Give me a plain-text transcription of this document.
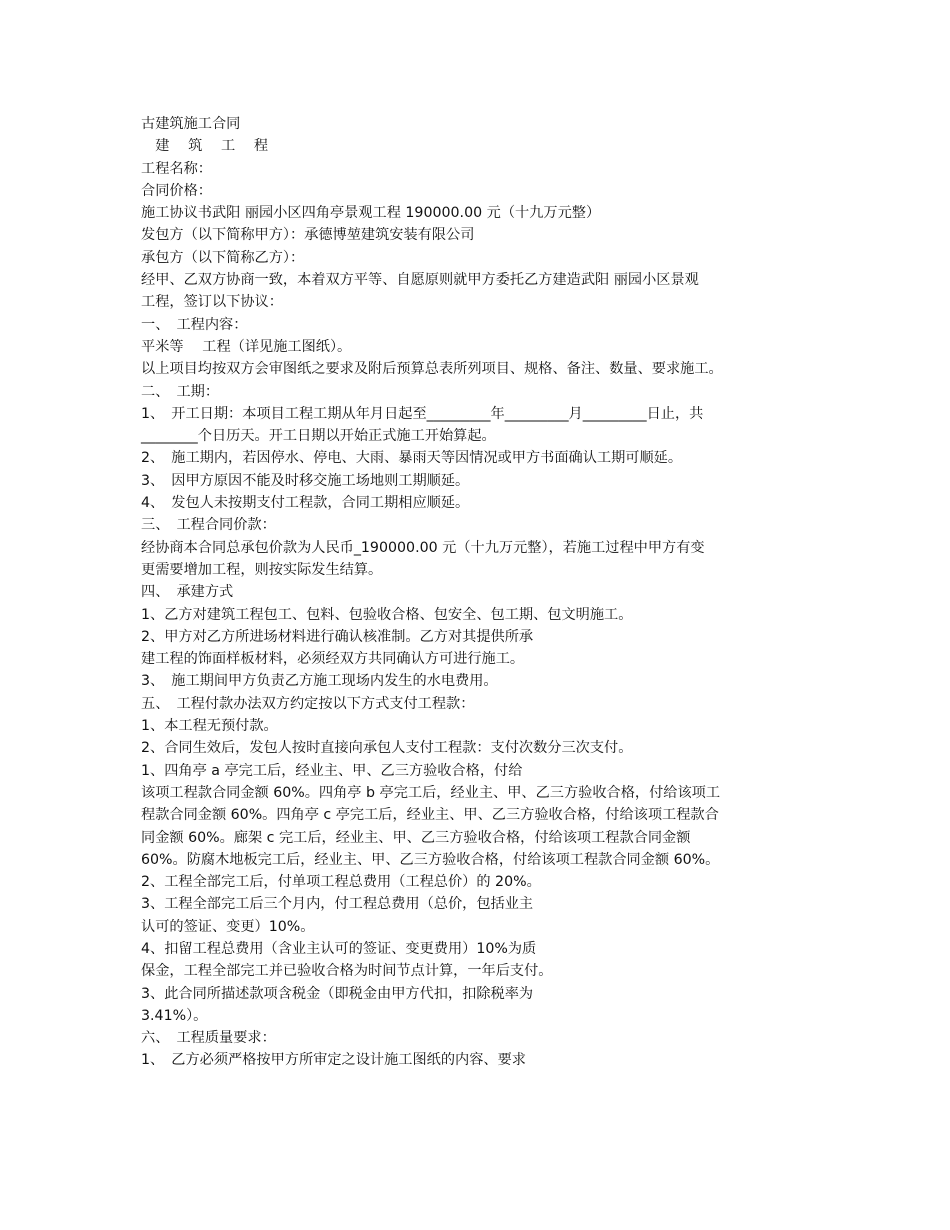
古建筑施工合同
　建　 筑　 工　 程
工程名称：
合同价格：
施工协议书武阳 丽园小区四角亭景观工程 190000.00 元（十九万元整）
发包方（以下简称甲方）：承德博堃建筑安装有限公司
承包方（以下简称乙方）：
经甲、乙双方协商一致，本着双方平等、自愿原则就甲方委托乙方建造武阳 丽园小区景观
工程，签订以下协议：
一、　工程内容：
平米等　 工程（详见施工图纸）。
以上项目均按双方会审图纸之要求及附后预算总表所列项目、规格、备注、数量、要求施工。
二、　工期：
1、　开工日期：本项目工程工期从年月日起至_________年_________月_________日止，共
________个日历天。开工日期以开始正式施工开始算起。
2、　施工期内，若因停水、停电、大雨、暴雨天等因情况或甲方书面确认工期可顺延。
3、　因甲方原因不能及时移交施工场地则工期顺延。
4、　发包人未按期支付工程款，合同工期相应顺延。
三、　工程合同价款：
经协商本合同总承包价款为人民币_190000.00 元（十九万元整），若施工过程中甲方有变
更需要增加工程，则按实际发生结算。
四、　承建方式
1、乙方对建筑工程包工、包料、包验收合格、包安全、包工期、包文明施工。
2、甲方对乙方所进场材料进行确认核准制。乙方对其提供所承
建工程的饰面样板材料，必须经双方共同确认方可进行施工。
3、　施工期间甲方负责乙方施工现场内发生的水电费用。
五、　工程付款办法双方约定按以下方式支付工程款：
1、本工程无预付款。
2、合同生效后，发包人按时直接向承包人支付工程款：支付次数分三次支付。
1、四角亭 a 亭完工后，经业主、甲、乙三方验收合格，付给
该项工程款合同金额 60%。四角亭 b 亭完工后，经业主、甲、乙三方验收合格，付给该项工
程款合同金额 60%。四角亭 c 亭完工后，经业主、甲、乙三方验收合格，付给该项工程款合
同金额 60%。廊架 c 完工后，经业主、甲、乙三方验收合格，付给该项工程款合同金额
60%。防腐木地板完工后，经业主、甲、乙三方验收合格，付给该项工程款合同金额 60%。
2、工程全部完工后，付单项工程总费用（工程总价）的 20%。
3、工程全部完工后三个月内，付工程总费用（总价，包括业主
认可的签证、变更）10%。
4、扣留工程总费用（含业主认可的签证、变更费用）10%为质
保金，工程全部完工并已验收合格为时间节点计算，一年后支付。
3、此合同所描述款项含税金（即税金由甲方代扣，扣除税率为
3.41%）。
六、　工程质量要求：
1、　乙方必须严格按甲方所审定之设计施工图纸的内容、要求
